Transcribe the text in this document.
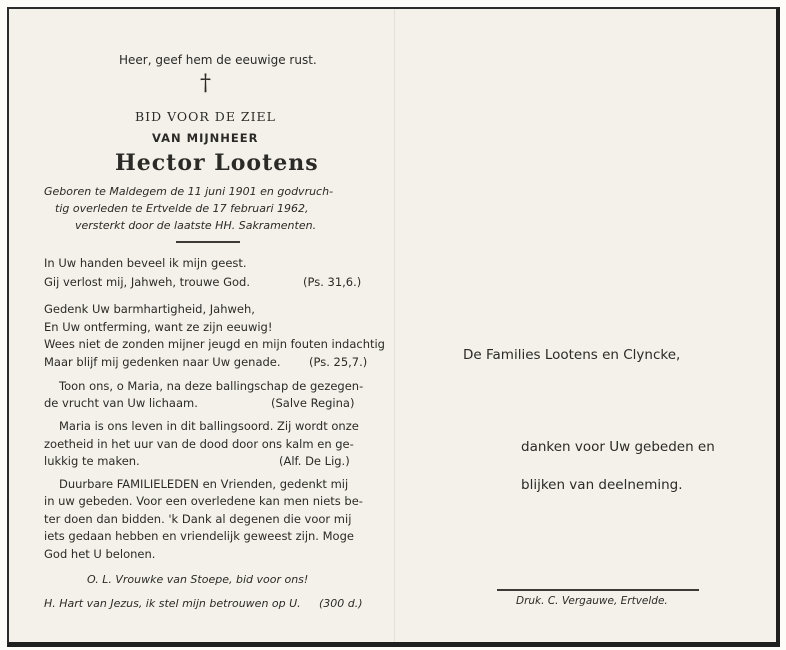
Heer, geef hem de eeuwige rust.
†
BID VOOR DE ZIEL
VAN MIJNHEER
Hector Lootens
Geboren te Maldegem de 11 juni 1901 en godvruch-
tig overleden te Ertvelde de 17 februari 1962,
versterkt door de laatste HH. Sakramenten.
In Uw handen beveel ik mijn geest.
Gij verlost mij, Jahweh, trouwe God.	(Ps. 31,6.)
Gedenk Uw barmhartigheid, Jahweh,
En Uw ontferming, want ze zijn eeuwig!
Wees niet de zonden mijner jeugd en mijn fouten indachtig
Maar blijf mij gedenken naar Uw genade. (Ps. 25,7.)
Toon ons, o Maria, na deze ballingschap de gezegen-
de vrucht van Uw lichaam.	(Salve Regina)
Maria is ons leven in dit ballingsoord. Zij wordt onze
zoetheid in het uur van de dood door ons kalm en ge-
lukkig te maken.	(Alf. De Lig.)
Duurbare FAMILIELEDEN en Vrienden, gedenkt mij
in uw gebeden. Voor een overledene kan men niets be-
ter doen dan bidden. 'k Dank al degenen die voor mij
iets gedaan hebben en vriendelijk geweest zijn. Moge
God het U belonen.
O. L. Vrouwke van Stoepe, bid voor ons!
H. Hart van Jezus, ik stel mijn betrouwen op U. (300 d.)
De Families Lootens en Clyncke,
danken voor Uw gebeden en
blijken van deelneming.
Druk. C. Vergauwe, Ertvelde.
